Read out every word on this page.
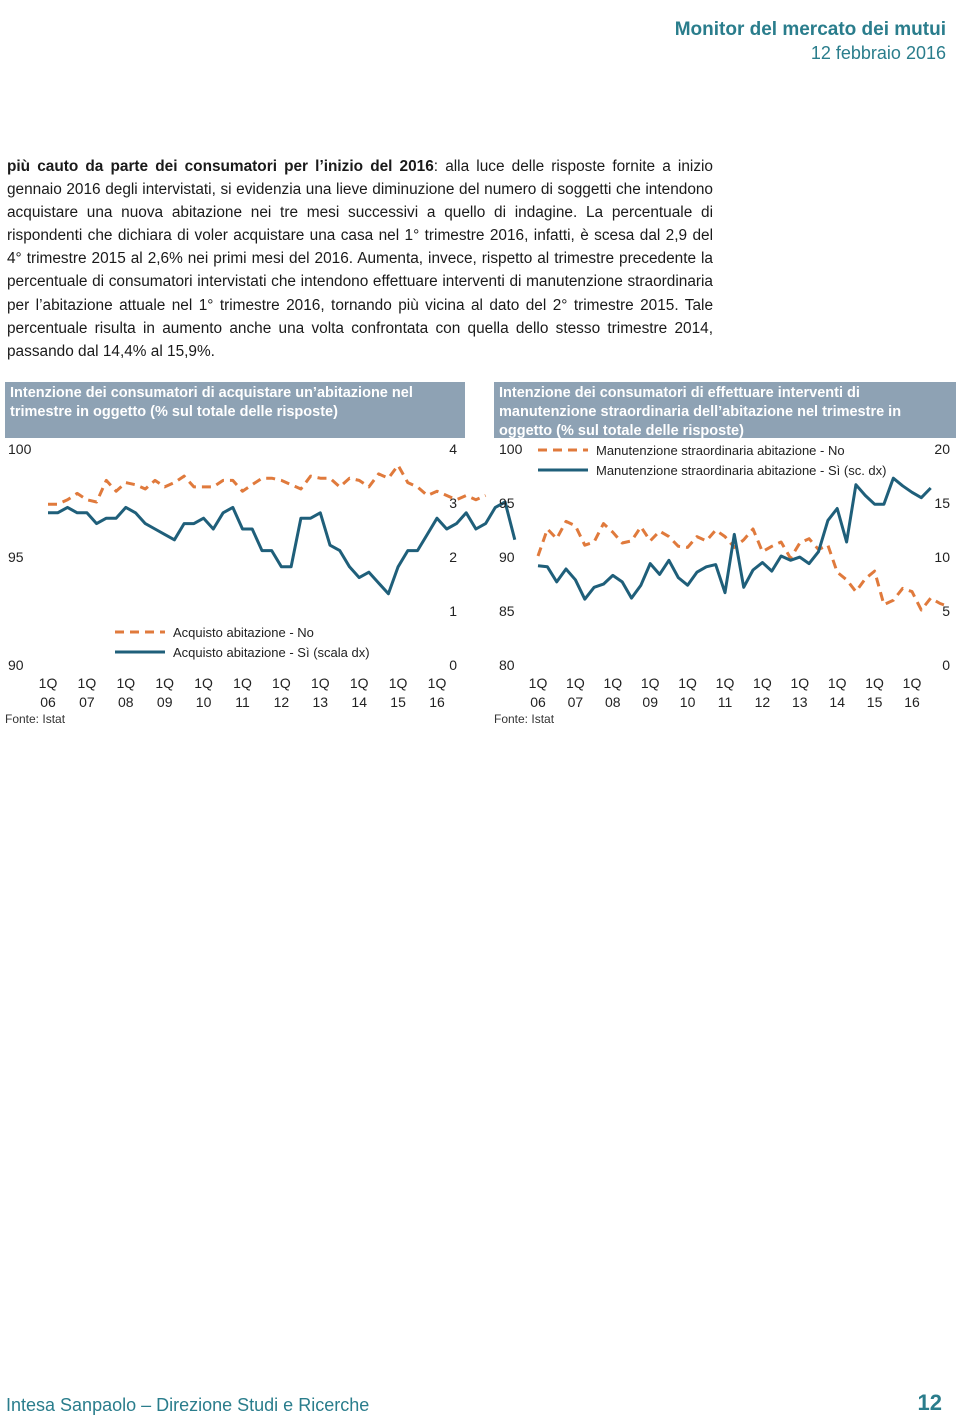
Monitor del mercato dei mutui
12 febbraio 2016

più cauto da parte dei consumatori per l’inizio del 2016: alla luce delle risposte fornite a inizio gennaio 2016 degli intervistati, si evidenzia una lieve diminuzione del numero di soggetti che intendono acquistare una nuova abitazione nei tre mesi successivi a quello di indagine. La percentuale di rispondenti che dichiara di voler acquistare una casa nel 1° trimestre 2016, infatti, è scesa dal 2,9 del 4° trimestre 2015 al 2,6% nei primi mesi del 2016. Aumenta, invece, rispetto al trimestre precedente la percentuale di consumatori intervistati che intendono effettuare interventi di manutenzione straordinaria per l’abitazione attuale nel 1° trimestre 2016, tornando più vicina al dato del 2° trimestre 2015. Tale percentuale risulta in aumento anche una volta confrontata con quella dello stesso trimestre 2014, passando dal 14,4% al 15,9%.

Intenzione dei consumatori di acquistare un’abitazione nel trimestre in oggetto (% sul totale delle risposte)
100
95
90
4
3
2
1
0
1Q
06
1Q
07
1Q
08
1Q
09
1Q
10
1Q
11
1Q
12
1Q
13
1Q
14
1Q
15
1Q
16
Acquisto abitazione - No
Acquisto abitazione - Sì (scala dx)
Fonte: Istat
Intenzione dei consumatori di effettuare interventi di manutenzione straordinaria dell’abitazione nel trimestre in oggetto (% sul totale delle risposte)
100
95
90
85
80
20
15
10
5
0
1Q
06
1Q
07
1Q
08
1Q
09
1Q
10
1Q
11
1Q
12
1Q
13
1Q
14
1Q
15
1Q
16
Manutenzione straordinaria abitazione - No
Manutenzione straordinaria abitazione - Sì (sc. dx)
Fonte: Istat
Intesa Sanpaolo – Direzione Studi e Ricerche	12
